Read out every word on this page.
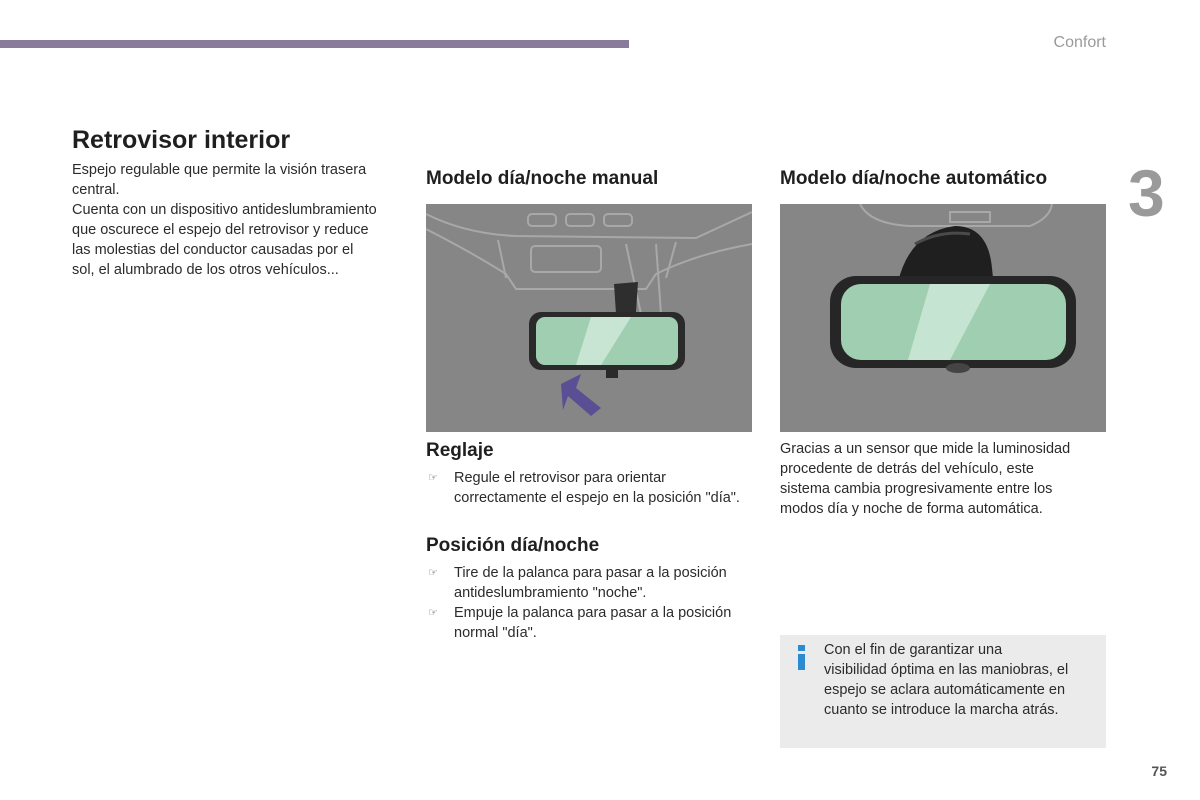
Confort
3
Retrovisor interior
Espejo regulable que permite la visión trasera
central.
Cuenta con un dispositivo antideslumbramiento
que oscurece el espejo del retrovisor y reduce
las molestias del conductor causadas por el
sol, el alumbrado de los otros vehículos...
Modelo día/noche manual	Modelo día/noche automático
Reglaje
☞ Regule el retrovisor para orientar
correctamente el espejo en la posición "día".
Posición día/noche
☞ Tire de la palanca para pasar a la posición
antideslumbramiento "noche".
☞ Empuje la palanca para pasar a la posición
normal "día".
Gracias a un sensor que mide la luminosidad
procedente de detrás del vehículo, este
sistema cambia progresivamente entre los
modos día y noche de forma automática.
Con el fin de garantizar una
visibilidad óptima en las maniobras, el
espejo se aclara automáticamente en
cuanto se introduce la marcha atrás.
75
